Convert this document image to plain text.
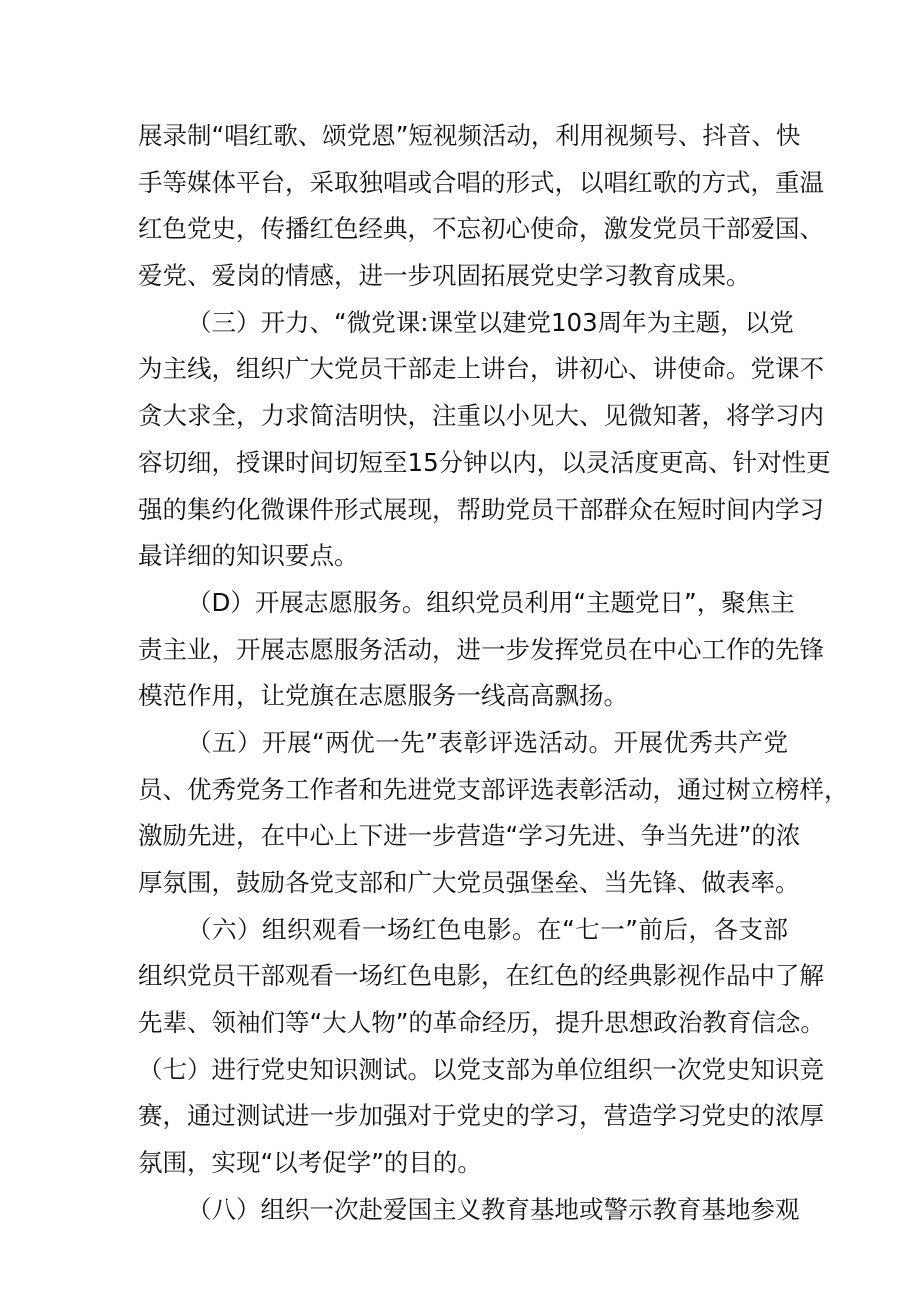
展录制“唱红歌、颂党恩”短视频活动，利用视频号、抖音、快
手等媒体平台，采取独唱或合唱的形式，以唱红歌的方式，重温
红色党史，传播红色经典，不忘初心使命，激发党员干部爱国、
爱党、爱岗的情感，进一步巩固拓展党史学习教育成果。
（三）开力、“微党课:课堂以建党103周年为主题，以党
为主线，组织广大党员干部走上讲台，讲初心、讲使命。党课不
贪大求全，力求简洁明快，注重以小见大、见微知著，将学习内
容切细，授课时间切短至15分钟以内，以灵活度更高、针对性更
强的集约化微课件形式展现，帮助党员干部群众在短时间内学习
最详细的知识要点。
（D）开展志愿服务。组织党员利用“主题党日”，聚焦主
责主业，开展志愿服务活动，进一步发挥党员在中心工作的先锋
模范作用，让党旗在志愿服务一线高高飘扬。
（五）开展“两优一先”表彰评选活动。开展优秀共产党
员、优秀党务工作者和先进党支部评选表彰活动，通过树立榜样，
激励先进，在中心上下进一步营造“学习先进、争当先进”的浓
厚氛围，鼓励各党支部和广大党员强堡垒、当先锋、做表率。
（六）组织观看一场红色电影。在“七一”前后，各支部
组织党员干部观看一场红色电影，在红色的经典影视作品中了解
先辈、领袖们等“大人物”的革命经历，提升思想政治教育信念。
（七）进行党史知识测试。以党支部为单位组织一次党史知识竞
赛，通过测试进一步加强对于党史的学习，营造学习党史的浓厚
氛围，实现“以考促学”的目的。
（八）组织一次赴爱国主义教育基地或警示教育基地参观
